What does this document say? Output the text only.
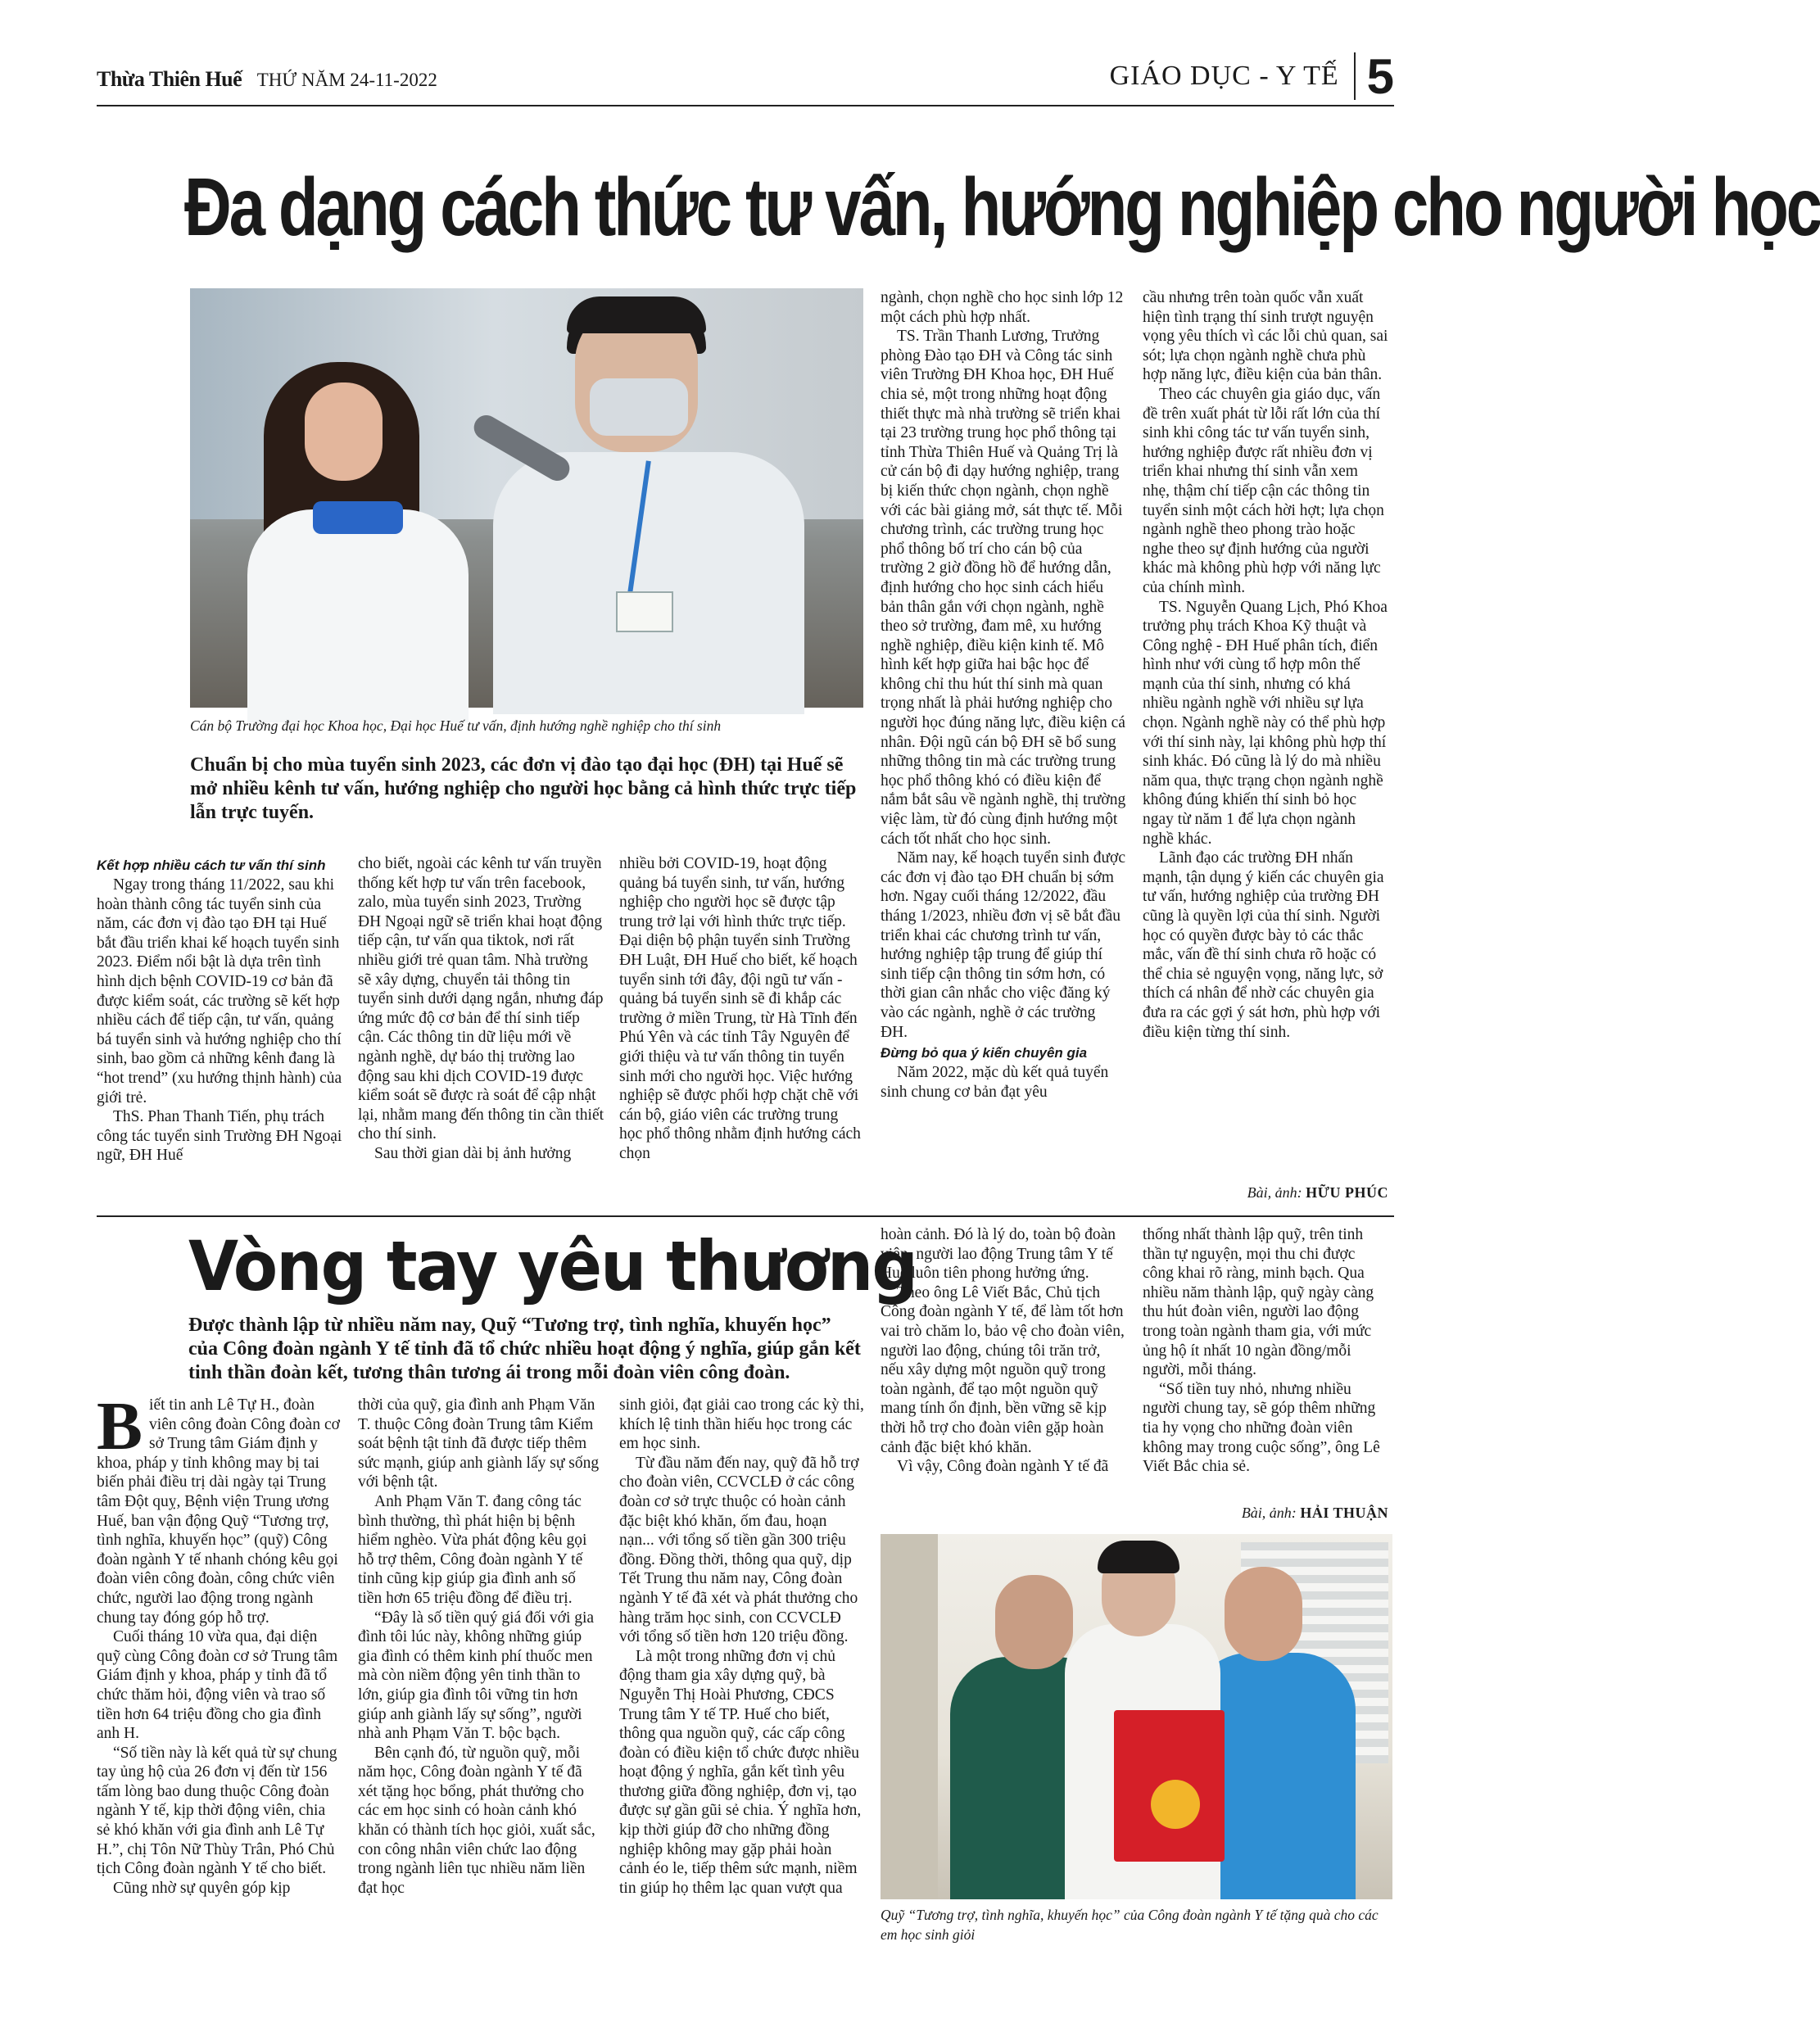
Thừa Thiên Huế THỨ NĂM 24-11-2022	GIÁO DỤC - Y TẾ 5
Đa dạng cách thức tư vấn, hướng nghiệp cho người học

Cán bộ Trường đại học Khoa học, Đại học Huế tư vấn, định hướng nghề nghiệp cho thí sinh

Chuẩn bị cho mùa tuyển sinh 2023, các đơn vị đào tạo đại học (ĐH) tại Huế sẽ mở nhiều kênh tư vấn, hướng nghiệp cho người học bằng cả hình thức trực tiếp lẫn trực tuyến.

Kết hợp nhiều cách tư vấn thí sinh

Ngay trong tháng 11/2022, sau khi hoàn thành công tác tuyển sinh của năm, các đơn vị đào tạo ĐH tại Huế bắt đầu triển khai kế hoạch tuyển sinh 2023. Điểm nổi bật là dựa trên tình hình dịch bệnh COVID-19 cơ bản đã được kiểm soát, các trường sẽ kết hợp nhiều cách để tiếp cận, tư vấn, quảng bá tuyển sinh và hướng nghiệp cho thí sinh, bao gồm cả những kênh đang là “hot trend” (xu hướng thịnh hành) của giới trẻ.

ThS. Phan Thanh Tiến, phụ trách công tác tuyển sinh Trường ĐH Ngoại ngữ, ĐH Huế

cho biết, ngoài các kênh tư vấn truyền thống kết hợp tư vấn trên facebook, zalo, mùa tuyển sinh 2023, Trường ĐH Ngoại ngữ sẽ triển khai hoạt động tiếp cận, tư vấn qua tiktok, nơi rất nhiều giới trẻ quan tâm. Nhà trường sẽ xây dựng, chuyển tải thông tin tuyển sinh dưới dạng ngắn, nhưng đáp ứng mức độ cơ bản để thí sinh tiếp cận. Các thông tin dữ liệu mới về ngành nghề, dự báo thị trường lao động sau khi dịch COVID-19 được kiểm soát sẽ được rà soát để cập nhật lại, nhằm mang đến thông tin cần thiết cho thí sinh.

Sau thời gian dài bị ảnh hưởng

nhiều bởi COVID-19, hoạt động quảng bá tuyển sinh, tư vấn, hướng nghiệp cho người học sẽ được tập trung trở lại với hình thức trực tiếp. Đại diện bộ phận tuyển sinh Trường ĐH Luật, ĐH Huế cho biết, kế hoạch tuyển sinh tới đây, đội ngũ tư vấn - quảng bá tuyển sinh sẽ đi khắp các trường ở miền Trung, từ Hà Tĩnh đến Phú Yên và các tỉnh Tây Nguyên để giới thiệu và tư vấn thông tin tuyển sinh mới cho người học. Việc hướng nghiệp sẽ được phối hợp chặt chẽ với cán bộ, giáo viên các trường trung học phổ thông nhằm định hướng cách chọn

ngành, chọn nghề cho học sinh lớp 12 một cách phù hợp nhất.

TS. Trần Thanh Lương, Trưởng phòng Đào tạo ĐH và Công tác sinh viên Trường ĐH Khoa học, ĐH Huế chia sẻ, một trong những hoạt động thiết thực mà nhà trường sẽ triển khai tại 23 trường trung học phổ thông tại tỉnh Thừa Thiên Huế và Quảng Trị là cử cán bộ đi dạy hướng nghiệp, trang bị kiến thức chọn ngành, chọn nghề với các bài giảng mở, sát thực tế. Mỗi chương trình, các trường trung học phổ thông bố trí cho cán bộ của trường 2 giờ đồng hồ để hướng dẫn, định hướng cho học sinh cách hiểu bản thân gắn với chọn ngành, nghề theo sở trường, đam mê, xu hướng nghề nghiệp, điều kiện kinh tế. Mô hình kết hợp giữa hai bậc học để không chỉ thu hút thí sinh mà quan trọng nhất là phải hướng nghiệp cho người học đúng năng lực, điều kiện cá nhân. Đội ngũ cán bộ ĐH sẽ bổ sung những thông tin mà các trường trung học phổ thông khó có điều kiện để nắm bắt sâu về ngành nghề, thị trường việc làm, từ đó cùng định hướng một cách tốt nhất cho học sinh.

Năm nay, kế hoạch tuyển sinh được các đơn vị đào tạo ĐH chuẩn bị sớm hơn. Ngay cuối tháng 12/2022, đầu tháng 1/2023, nhiều đơn vị sẽ bắt đầu triển khai các chương trình tư vấn, hướng nghiệp tập trung để giúp thí sinh tiếp cận thông tin sớm hơn, có thời gian cân nhắc cho việc đăng ký vào các ngành, nghề ở các trường ĐH.

Đừng bỏ qua ý kiến chuyên gia

Năm 2022, mặc dù kết quả tuyển sinh chung cơ bản đạt yêu

cầu nhưng trên toàn quốc vẫn xuất hiện tình trạng thí sinh trượt nguyện vọng yêu thích vì các lỗi chủ quan, sai sót; lựa chọn ngành nghề chưa phù hợp năng lực, điều kiện của bản thân.

Theo các chuyên gia giáo dục, vấn đề trên xuất phát từ lỗi rất lớn của thí sinh khi công tác tư vấn tuyển sinh, hướng nghiệp được rất nhiều đơn vị triển khai nhưng thí sinh vẫn xem nhẹ, thậm chí tiếp cận các thông tin tuyển sinh một cách hời hợt; lựa chọn ngành nghề theo phong trào hoặc nghe theo sự định hướng của người khác mà không phù hợp với năng lực của chính mình.

TS. Nguyễn Quang Lịch, Phó Khoa trưởng phụ trách Khoa Kỹ thuật và Công nghệ - ĐH Huế phân tích, điển hình như với cùng tổ hợp môn thế mạnh của thí sinh, nhưng có khá nhiều ngành nghề với nhiều sự lựa chọn. Ngành nghề này có thể phù hợp với thí sinh này, lại không phù hợp thí sinh khác. Đó cũng là lý do mà nhiều năm qua, thực trạng chọn ngành nghề không đúng khiến thí sinh bỏ học ngay từ năm 1 để lựa chọn ngành nghề khác.

Lãnh đạo các trường ĐH nhấn mạnh, tận dụng ý kiến các chuyên gia tư vấn, hướng nghiệp của trường ĐH cũng là quyền lợi của thí sinh. Người học có quyền được bày tỏ các thắc mắc, vấn đề thí sinh chưa rõ hoặc có thể chia sẻ nguyện vọng, năng lực, sở thích cá nhân để nhờ các chuyên gia đưa ra các gợi ý sát hơn, phù hợp với điều kiện từng thí sinh.

Bài, ảnh: HỮU PHÚC
Vòng tay yêu thương

Được thành lập từ nhiều năm nay, Quỹ “Tương trợ, tình nghĩa, khuyến học” của Công đoàn ngành Y tế tỉnh đã tổ chức nhiều hoạt động ý nghĩa, giúp gắn kết tinh thần đoàn kết, tương thân tương ái trong mỗi đoàn viên công đoàn.

Biết tin anh Lê Tự H., đoàn viên công đoàn Công đoàn cơ sở Trung tâm Giám định y khoa, pháp y tỉnh không may bị tai biến phải điều trị dài ngày tại Trung tâm Đột quỵ, Bệnh viện Trung ương Huế, ban vận động Quỹ “Tương trợ, tình nghĩa, khuyến học” (quỹ) Công đoàn ngành Y tế nhanh chóng kêu gọi đoàn viên công đoàn, công chức viên chức, người lao động trong ngành chung tay đóng góp hỗ trợ.

Cuối tháng 10 vừa qua, đại diện quỹ cùng Công đoàn cơ sở Trung tâm Giám định y khoa, pháp y tỉnh đã tổ chức thăm hỏi, động viên và trao số tiền hơn 64 triệu đồng cho gia đình anh H.

“Số tiền này là kết quả từ sự chung tay ủng hộ của 26 đơn vị đến từ 156 tấm lòng bao dung thuộc Công đoàn ngành Y tế, kịp thời động viên, chia sẻ khó khăn với gia đình anh Lê Tự H.”, chị Tôn Nữ Thùy Trân, Phó Chủ tịch Công đoàn ngành Y tế cho biết.

Cũng nhờ sự quyên góp kịp

thời của quỹ, gia đình anh Phạm Văn T. thuộc Công đoàn Trung tâm Kiểm soát bệnh tật tỉnh đã được tiếp thêm sức mạnh, giúp anh giành lấy sự sống với bệnh tật.

Anh Phạm Văn T. đang công tác bình thường, thì phát hiện bị bệnh hiểm nghèo. Vừa phát động kêu gọi hỗ trợ thêm, Công đoàn ngành Y tế tỉnh cũng kịp giúp gia đình anh số tiền hơn 65 triệu đồng để điều trị.

“Đây là số tiền quý giá đối với gia đình tôi lúc này, không những giúp gia đình có thêm kinh phí thuốc men mà còn niềm động yên tinh thần to lớn, giúp gia đình tôi vững tin hơn giúp anh giành lấy sự sống”, người nhà anh Phạm Văn T. bộc bạch.

Bên cạnh đó, từ nguồn quỹ, mỗi năm học, Công đoàn ngành Y tế đã xét tặng học bổng, phát thưởng cho các em học sinh có hoàn cảnh khó khăn có thành tích học giỏi, xuất sắc, con công nhân viên chức lao động trong ngành liên tục nhiều năm liền đạt học

sinh giỏi, đạt giải cao trong các kỳ thi, khích lệ tinh thần hiếu học trong các em học sinh.

Từ đầu năm đến nay, quỹ đã hỗ trợ cho đoàn viên, CCVCLĐ ở các công đoàn cơ sở trực thuộc có hoàn cảnh đặc biệt khó khăn, ốm đau, hoạn nạn... với tổng số tiền gần 300 triệu đồng. Đồng thời, thông qua quỹ, dịp Tết Trung thu năm nay, Công đoàn ngành Y tế đã xét và phát thưởng cho hàng trăm học sinh, con CCVCLĐ với tổng số tiền hơn 120 triệu đồng.

Là một trong những đơn vị chủ động tham gia xây dựng quỹ, bà Nguyễn Thị Hoài Phương, CĐCS Trung tâm Y tế TP. Huế cho biết, thông qua nguồn quỹ, các cấp công đoàn có điều kiện tổ chức được nhiều hoạt động ý nghĩa, gắn kết tình yêu thương giữa đồng nghiệp, đơn vị, tạo được sự gần gũi sẻ chia. Ý nghĩa hơn, kịp thời giúp đỡ cho những đồng nghiệp không may gặp phải hoàn cảnh éo le, tiếp thêm sức mạnh, niềm tin giúp họ thêm lạc quan vượt qua

hoàn cảnh. Đó là lý do, toàn bộ đoàn viên, người lao động Trung tâm Y tế Huế luôn tiên phong hưởng ứng.

Theo ông Lê Viết Bắc, Chủ tịch Công đoàn ngành Y tế, để làm tốt hơn vai trò chăm lo, bảo vệ cho đoàn viên, người lao động, chúng tôi trăn trở, nếu xây dựng một nguồn quỹ trong toàn ngành, để tạo một nguồn quỹ mang tính ổn định, bền vững sẽ kịp thời hỗ trợ cho đoàn viên gặp hoàn cảnh đặc biệt khó khăn.

Vì vậy, Công đoàn ngành Y tế đã

thống nhất thành lập quỹ, trên tinh thần tự nguyện, mọi thu chi được công khai rõ ràng, minh bạch. Qua nhiều năm thành lập, quỹ ngày càng thu hút đoàn viên, người lao động trong toàn ngành tham gia, với mức ủng hộ ít nhất 10 ngàn đồng/mỗi người, mỗi tháng.

“Số tiền tuy nhỏ, nhưng nhiều người chung tay, sẽ góp thêm những tia hy vọng cho những đoàn viên không may trong cuộc sống”, ông Lê Viết Bắc chia sẻ.

Bài, ảnh: HẢI THUẬN

Quỹ “Tương trợ, tình nghĩa, khuyến học” của Công đoàn ngành Y tế tặng quà cho các em học sinh giỏi
